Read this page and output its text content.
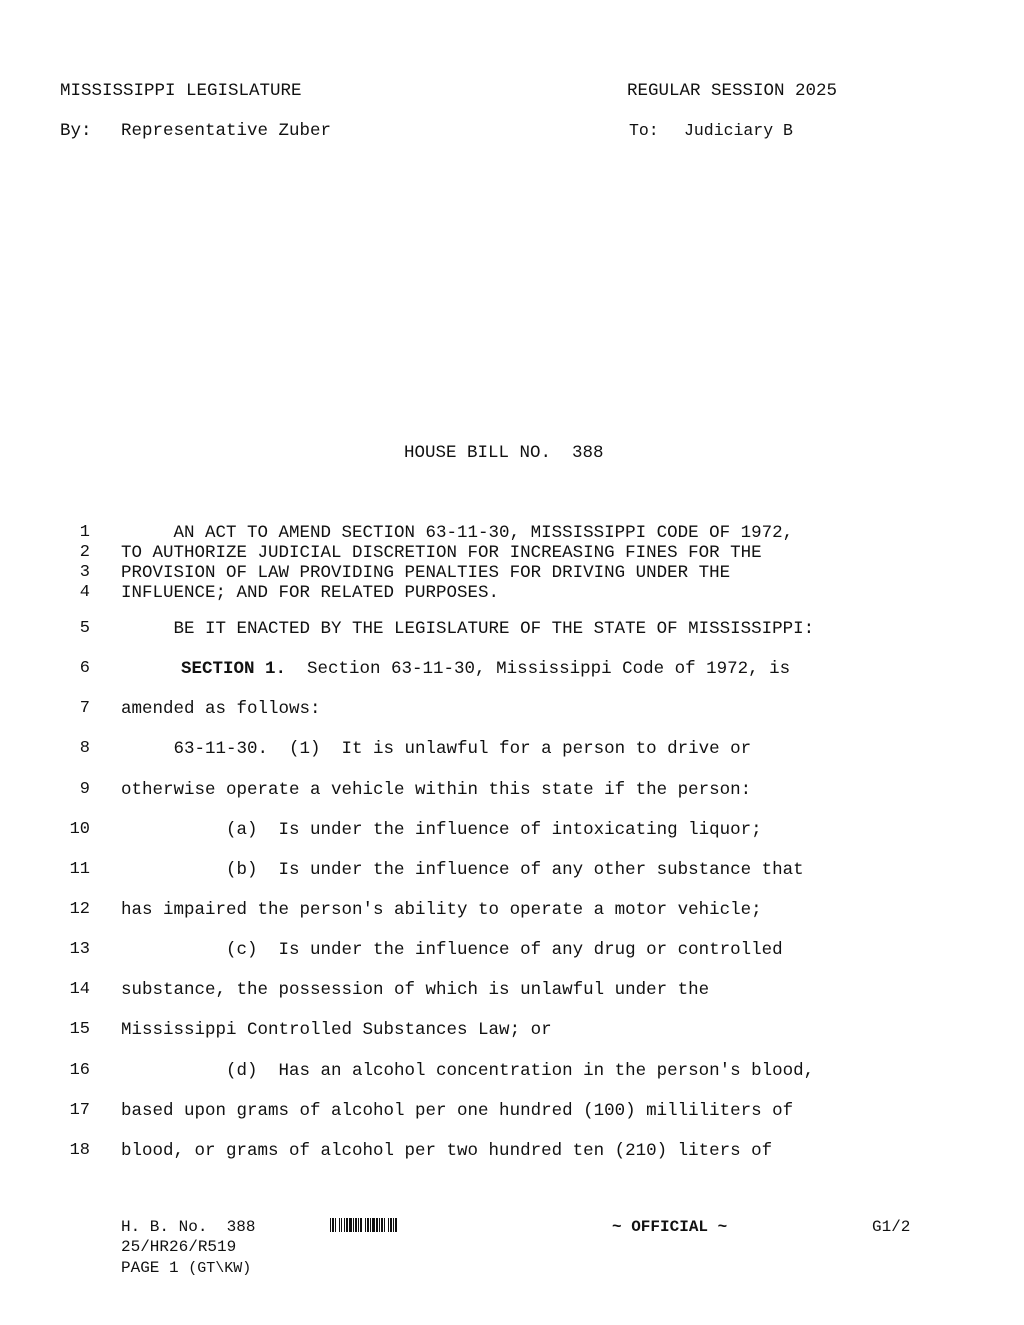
MISSISSIPPI LEGISLATURE	REGULAR SESSION 2025
By: Representative Zuber	To: Judiciary B
HOUSE BILL NO.  388
1 AN ACT TO AMEND SECTION 63-11-30, MISSISSIPPI CODE OF 1972,
2 TO AUTHORIZE JUDICIAL DISCRETION FOR INCREASING FINES FOR THE
3 PROVISION OF LAW PROVIDING PENALTIES FOR DRIVING UNDER THE
4 INFLUENCE; AND FOR RELATED PURPOSES.
5 BE IT ENACTED BY THE LEGISLATURE OF THE STATE OF MISSISSIPPI:
6	SECTION 1.  Section 63-11-30, Mississippi Code of 1972, is
7 amended as follows:
8 63-11-30.  (1)  It is unlawful for a person to drive or
9 otherwise operate a vehicle within this state if the person:
10 (a)  Is under the influence of intoxicating liquor;
11 (b)  Is under the influence of any other substance that
12 has impaired the person's ability to operate a motor vehicle;
13 (c)  Is under the influence of any drug or controlled
14 substance, the possession of which is unlawful under the
15 Mississippi Controlled Substances Law; or
16 (d)  Has an alcohol concentration in the person's blood,
17 based upon grams of alcohol per one hundred (100) milliliters of
18 blood, or grams of alcohol per two hundred ten (210) liters of
H. B. No.  388	~ OFFICIAL ~	G1/2
25/HR26/R519
PAGE 1 (GT\KW)
